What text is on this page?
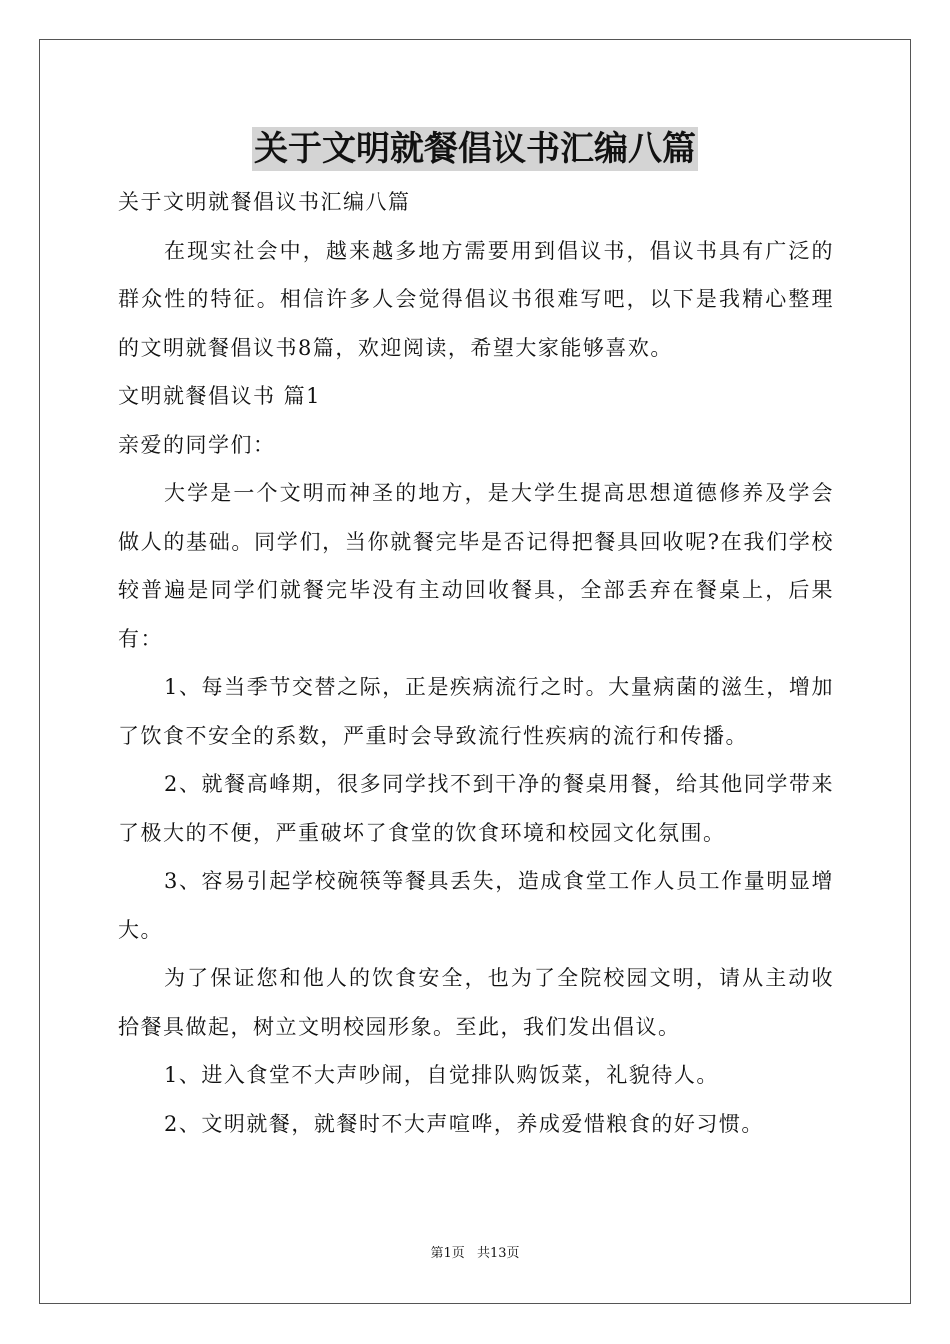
关于文明就餐倡议书汇编八篇

关于文明就餐倡议书汇编八篇

在现实社会中，越来越多地方需要用到倡议书，倡议书具有广泛的群众性的特征。相信许多人会觉得倡议书很难写吧，以下是我精心整理的文明就餐倡议书8篇，欢迎阅读，希望大家能够喜欢。

文明就餐倡议书 篇1

亲爱的同学们：

大学是一个文明而神圣的地方，是大学生提高思想道德修养及学会做人的基础。同学们，当你就餐完毕是否记得把餐具回收呢?在我们学校较普遍是同学们就餐完毕没有主动回收餐具，全部丢弃在餐桌上，后果有：

1、每当季节交替之际，正是疾病流行之时。大量病菌的滋生，增加了饮食不安全的系数，严重时会导致流行性疾病的流行和传播。

2、就餐高峰期，很多同学找不到干净的餐桌用餐，给其他同学带来了极大的不便，严重破坏了食堂的饮食环境和校园文化氛围。

3、容易引起学校碗筷等餐具丢失，造成食堂工作人员工作量明显增大。

为了保证您和他人的饮食安全，也为了全院校园文明，请从主动收拾餐具做起，树立文明校园形象。至此，我们发出倡议。

1、进入食堂不大声吵闹，自觉排队购饭菜，礼貌待人。

2、文明就餐，就餐时不大声喧哗，养成爱惜粮食的好习惯。

第1页 共13页
